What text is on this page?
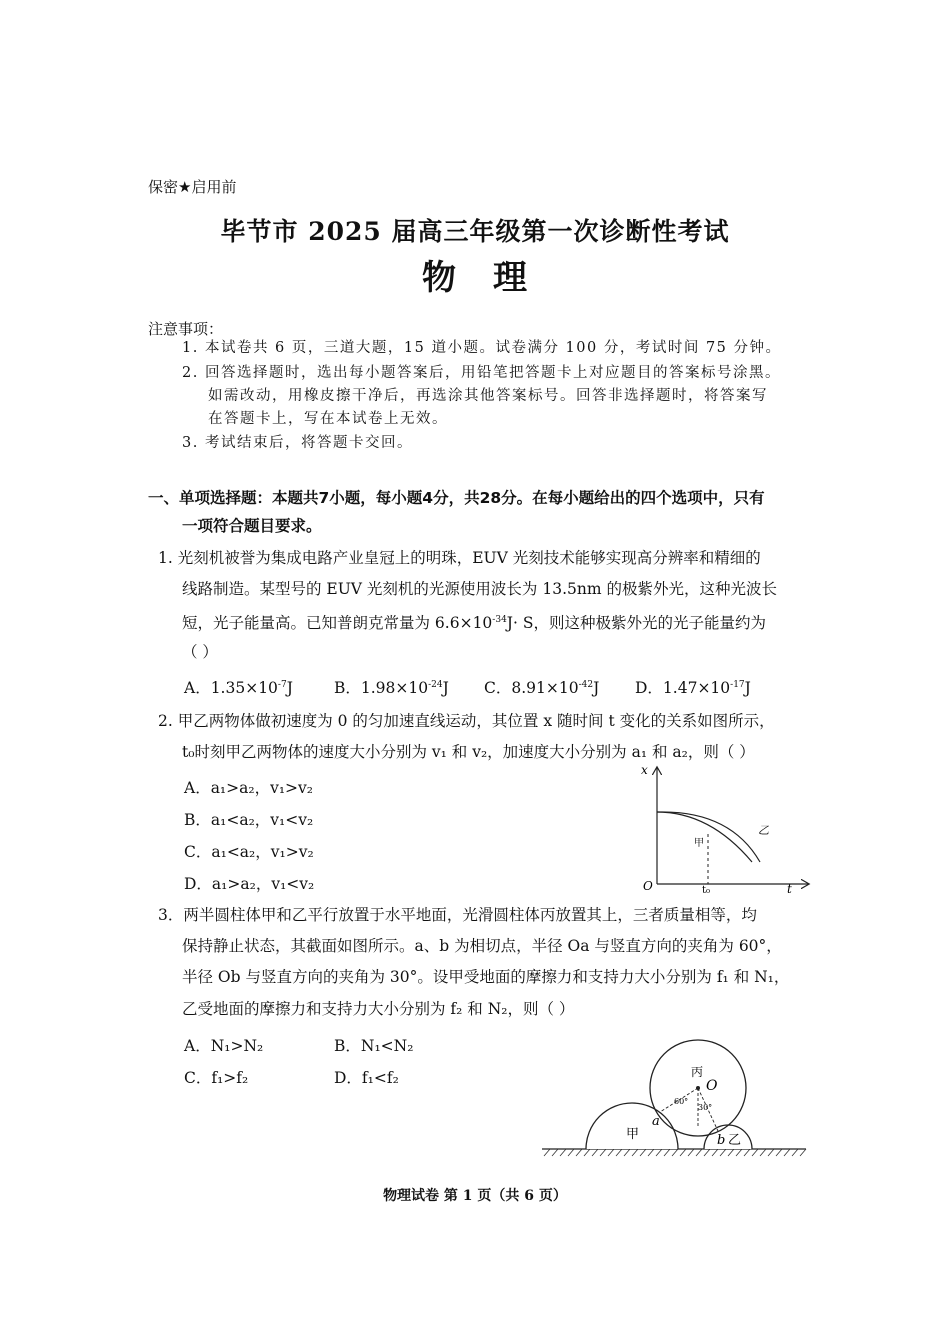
保密★启用前
毕节市 2025 届高三年级第一次诊断性考试
物 理
注意事项：
1. 本试卷共 6 页，三道大题，15 道小题。试卷满分 100 分，考试时间 75 分钟。
2. 回答选择题时，选出每小题答案后，用铅笔把答题卡上对应题目的答案标号涂黑。
如需改动，用橡皮擦干净后，再选涂其他答案标号。回答非选择题时，将答案写
在答题卡上，写在本试卷上无效。
3. 考试结束后，将答题卡交回。
一、单项选择题：本题共7小题，每小题4分，共28分。在每小题给出的四个选项中，只有
一项符合题目要求。
1. 光刻机被誉为集成电路产业皇冠上的明珠，EUV 光刻技术能够实现高分辨率和精细的
线路制造。某型号的 EUV 光刻机的光源使用波长为 13.5nm 的极紫外光，这种光波长
短，光子能量高。已知普朗克常量为 $6.6\times 10^{-34}J\cdot S$，则这种极紫外光的光子能量约为
（ ）
A．$1.35\times 10^{-7}J$	B．$1.98\times 10^{-24}J$ C．$8.91\times 10^{-42}J$ D．$1.47\times 10^{-17}J$
2. 甲乙两物体做初速度为 0 的匀加速直线运动，其位置 x 随时间 t 变化的关系如图所示，
t₀时刻甲乙两物体的速度大小分别为 v₁ 和 v₂，加速度大小分别为 a₁ 和 a₂，则（ ）
A．a₁>a₂，v₁>v₂
B．a₁<a₂，v₁<v₂
C．a₁<a₂，v₁>v₂
D．a₁>a₂，v₁<v₂
x
t
O	t₀
甲
乙
3．两半圆柱体甲和乙平行放置于水平地面，光滑圆柱体丙放置其上，三者质量相等，均
保持静止状态，其截面如图所示。a、b 为相切点，半径 Oa 与竖直方向的夹角为 60°，
半径 Ob 与竖直方向的夹角为 30°。设甲受地面的摩擦力和支持力大小分别为 f₁ 和 N₁，
乙受地面的摩擦力和支持力大小分别为 f₂ 和 N₂，则（ ）
A．N₁>N₂	B．N₁<N₂
C．f₁>f₂	D．f₁<f₂	丙
O
60°
30°
甲
a
b 乙
物理试卷 第 1 页（共 6 页）
